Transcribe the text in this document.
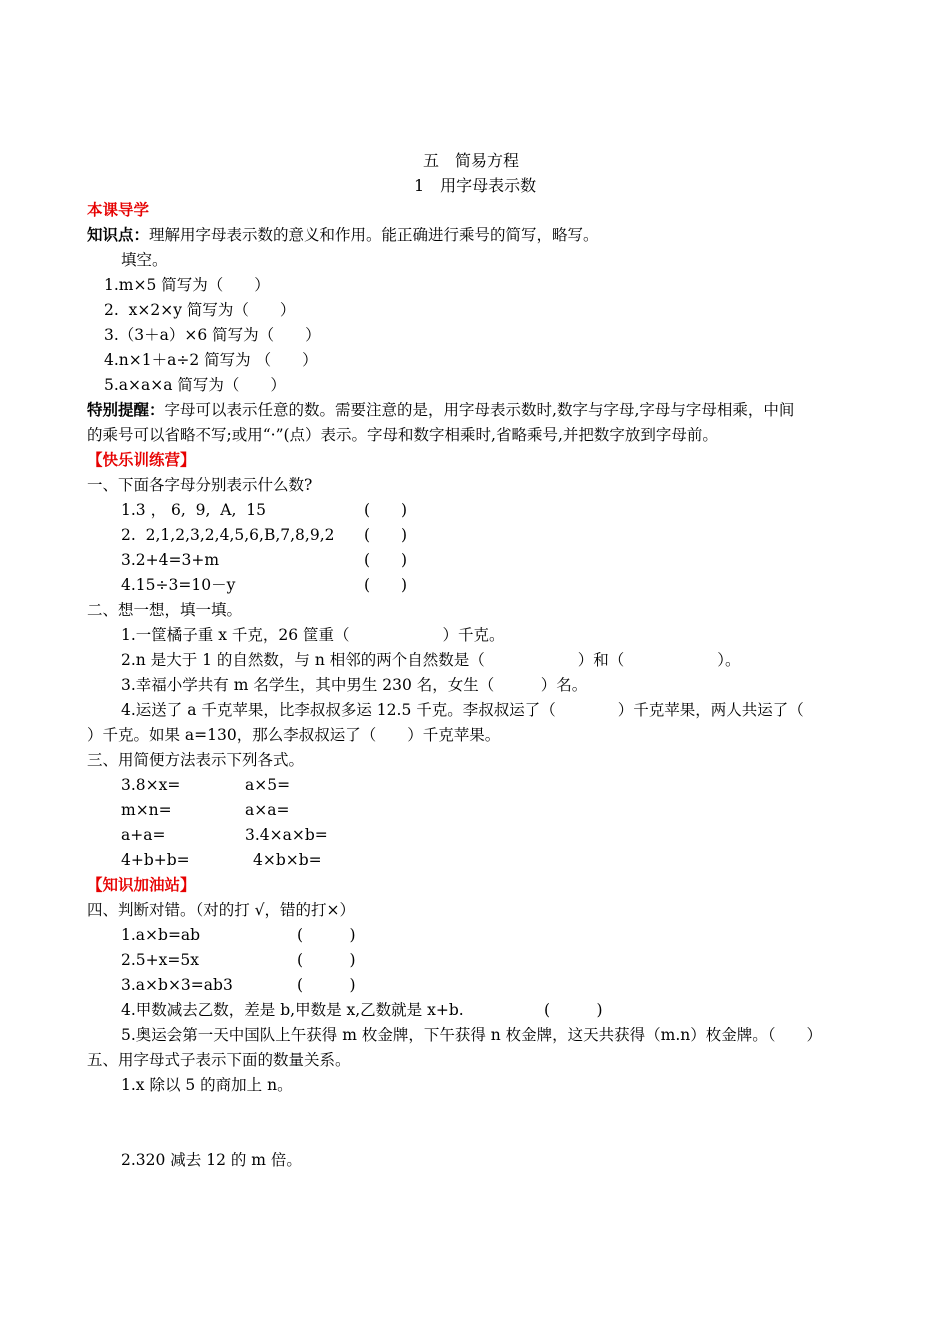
五　简易方程
1　用字母表示数
本课导学
知识点：理解用字母表示数的意义和作用。能正确进行乘号的简写，略写。
填空。
1.m×5 简写为（　　）
2.  x×2×y 简写为（　　）
3.（3＋a）×6 简写为（　　）
4.n×1＋a÷2 简写为 （　　）
5.a×a×a 简写为（　　）
特别提醒：字母可以表示任意的数。需要注意的是，用字母表示数时,数字与字母,字母与字母相乘，中间
的乘号可以省略不写;或用“·”(点）表示。字母和数字相乘时,省略乘号,并把数字放到字母前。
【快乐训练营】
一、下面各字母分别表示什么数?
1.3 ， 6,  9,  A,  15	(　　)
2.  2,1,2,3,2,4,5,6,B,7,8,9,2 (　　)
3.2+4=3+m	(　　)
4.15÷3=10－y	(　　)
二、想一想，填一填。
1.一筐橘子重 x 千克，26 筐重（　　　　　　）千克。
2.n 是大于 1 的自然数，与 n 相邻的两个自然数是（　　　　　　）和（　　　　　　）。
3.幸福小学共有 m 名学生，其中男生 230 名，女生（　　　）名。
4.运送了 a 千克苹果，比李叔叔多运 12.5 千克。李叔叔运了（　　　　）千克苹果，两人共运了（
）千克。如果 a=130，那么李叔叔运了（　　）千克苹果。
三、用简便方法表示下列各式。
3.8×x=	a×5=
m×n=	a×a=
a+a=	3.4×a×b=
4+b+b=	4×b×b=
【知识加油站】
四、判断对错。（对的打 √，错的打×）
1.a×b=ab	(　　　)
2.5+x=5x	(　　　)
3.a×b×3=ab3	(　　　)
4.甲数减去乙数，差是 b,甲数是 x,乙数就是 x+b.	(　　　)
5.奥运会第一天中国队上午获得 m 枚金牌，下午获得 n 枚金牌，这天共获得（m.n）枚金牌。（　　）
五、用字母式子表示下面的数量关系。
1.x 除以 5 的商加上 n。
2.320 减去 12 的 m 倍。
